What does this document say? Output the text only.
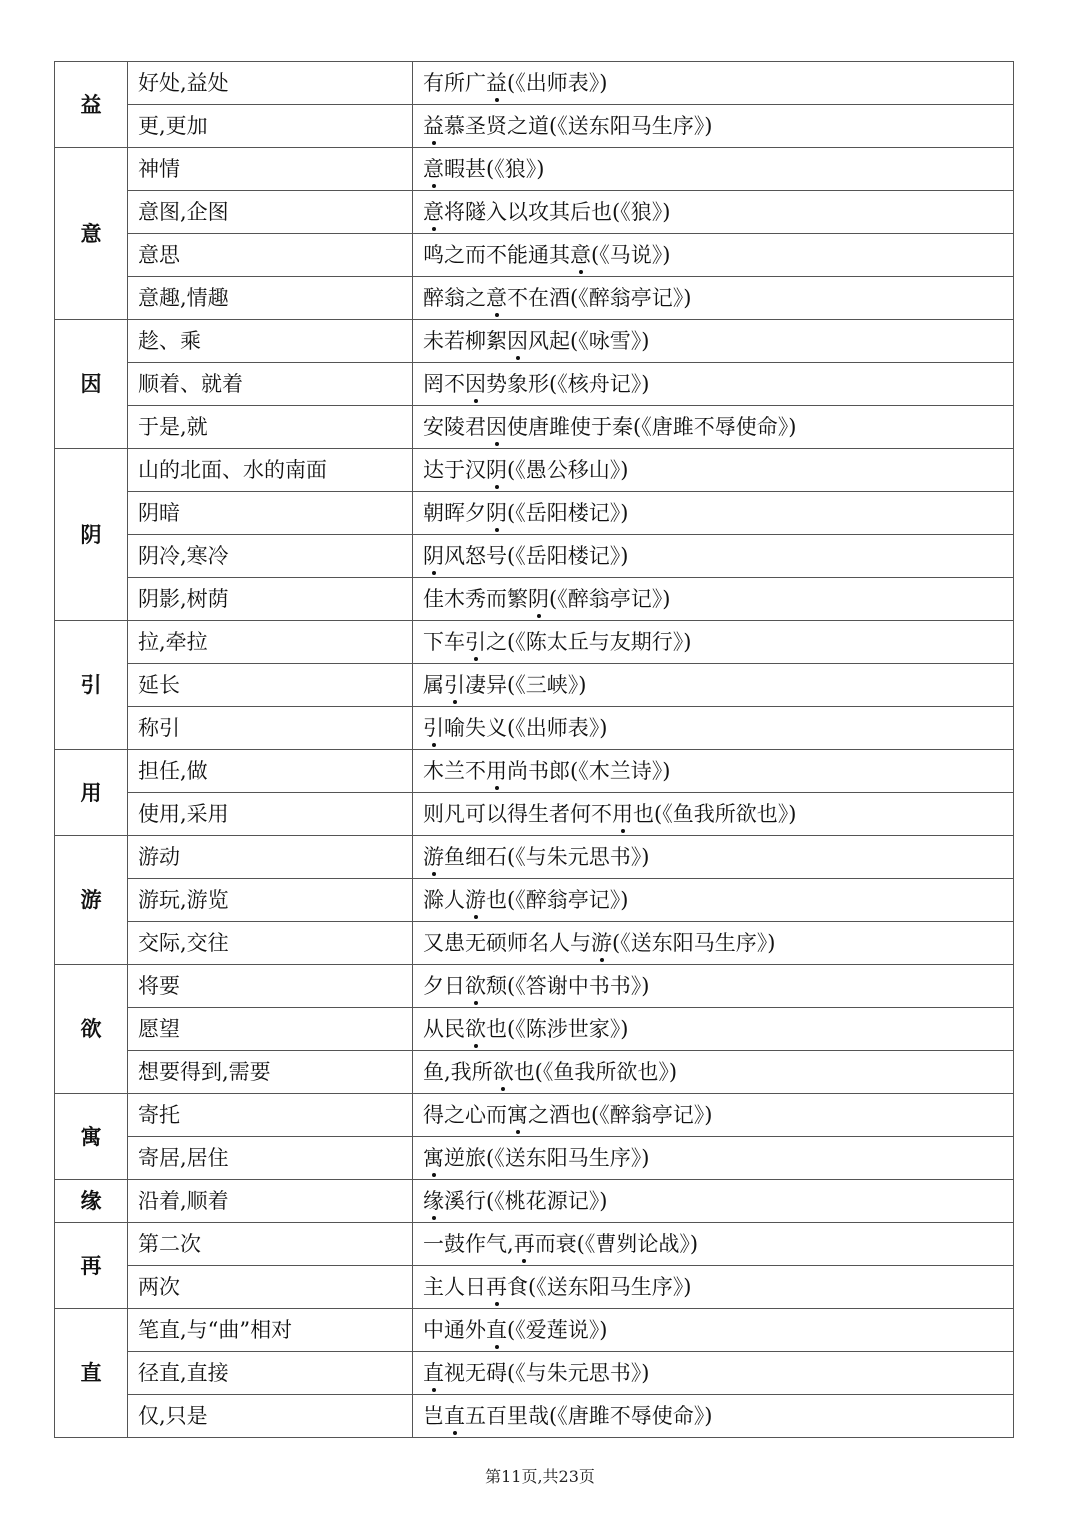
益	好处,益处	有所广益(《出师表》)
	更,更加	益慕圣贤之道(《送东阳马生序》)
意	神情	意暇甚(《狼》)
	意图,企图	意将隧入以攻其后也(《狼》)
	意思	鸣之而不能通其意(《马说》)
	意趣,情趣	醉翁之意不在酒(《醉翁亭记》)
因	趁、乘	未若柳絮因风起(《咏雪》)
	顺着、就着	罔不因势象形(《核舟记》)
	于是,就	安陵君因使唐雎使于秦(《唐雎不辱使命》)
阴	山的北面、水的南面	达于汉阴(《愚公移山》)
	阴暗	朝晖夕阴(《岳阳楼记》)
	阴冷,寒冷	阴风怒号(《岳阳楼记》)
	阴影,树荫	佳木秀而繁阴(《醉翁亭记》)
引	拉,牵拉	下车引之(《陈太丘与友期行》)
	延长	属引凄异(《三峡》)
	称引	引喻失义(《出师表》)
用	担任,做	木兰不用尚书郎(《木兰诗》)
	使用,采用	则凡可以得生者何不用也(《鱼我所欲也》)
游	游动	游鱼细石(《与朱元思书》)
	游玩,游览	滁人游也(《醉翁亭记》)
	交际,交往	又患无硕师名人与游(《送东阳马生序》)
欲	将要	夕日欲颓(《答谢中书书》)
	愿望	从民欲也(《陈涉世家》)
	想要得到,需要	鱼,我所欲也(《鱼我所欲也》)
寓	寄托	得之心而寓之酒也(《醉翁亭记》)
	寄居,居住	寓逆旅(《送东阳马生序》)
缘	沿着,顺着	缘溪行(《桃花源记》)
再	第二次	一鼓作气,再而衰(《曹刿论战》)
	两次	主人日再食(《送东阳马生序》)
直	笔直,与“曲”相对	中通外直(《爱莲说》)
	径直,直接	直视无碍(《与朱元思书》)
	仅,只是	岂直五百里哉(《唐雎不辱使命》)
第11页,共23页
